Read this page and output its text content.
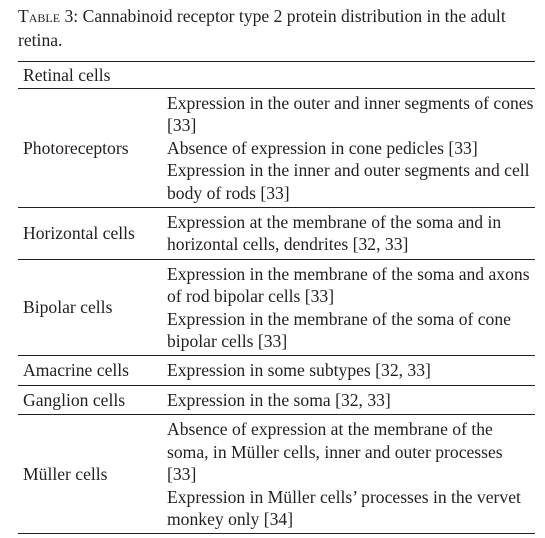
Table 3: Cannabinoid receptor type 2 protein distribution in the adult retina.
Retinal cells	
Photoreceptors	Expression in the outer and inner segments of cones [33]
Absence of expression in cone pedicles [33]
Expression in the inner and outer segments and cell body of rods [33]

Horizontal cells	Expression at the membrane of the soma and in horizontal cells, dendrites [32, 33]

Bipolar cells	Expression in the membrane of the soma and axons of rod bipolar cells [33]
Expression in the membrane of the soma of cone bipolar cells [33]

Amacrine cells	Expression in some subtypes [32, 33]

Ganglion cells	Expression in the soma [32, 33]

Müller cells	Absence of expression at the membrane of the soma, in Müller cells, inner and outer processes [33]
Expression in Müller cells’ processes in the vervet monkey only [34]
